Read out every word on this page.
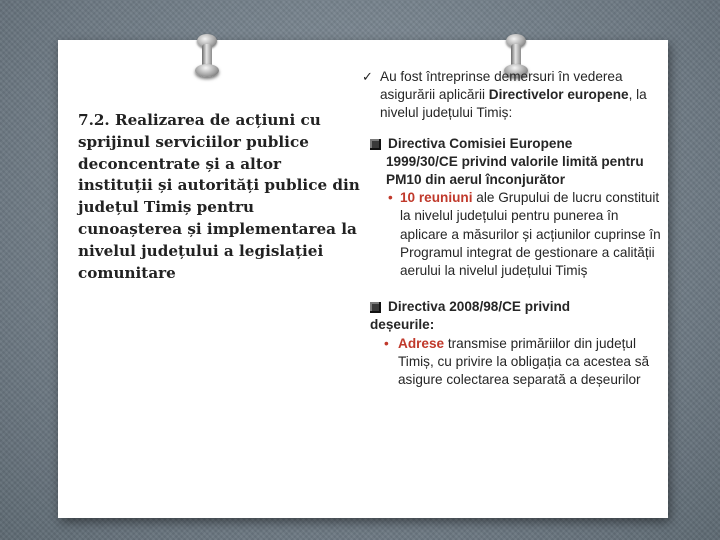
7.2. Realizarea de acțiuni cu sprijinul serviciilor publice deconcentrate și a altor instituții și autorități publice din județul Timiș pentru cunoașterea și implementarea la nivelul județului a legislației comunitare
✓ Au fost întreprinse demersuri în vederea asigurării aplicării Directivelor europene, la nivelul județului Timiș:
Directiva Comisiei Europene
1999/30/CE privind valorile limită pentru PM10 din aerul înconjurător
• 10 reuniuni ale Grupului de lucru constituit la nivelul județului pentru punerea în aplicare a măsurilor și acțiunilor cuprinse în Programul integrat de gestionare a calității aerului la nivelul județului Timiș
Directiva 2008/98/CE privind
deșeurile:
• Adrese transmise primăriilor din județul Timiș, cu privire la obligația ca acestea să asigure colectarea separată a deșeurilor
